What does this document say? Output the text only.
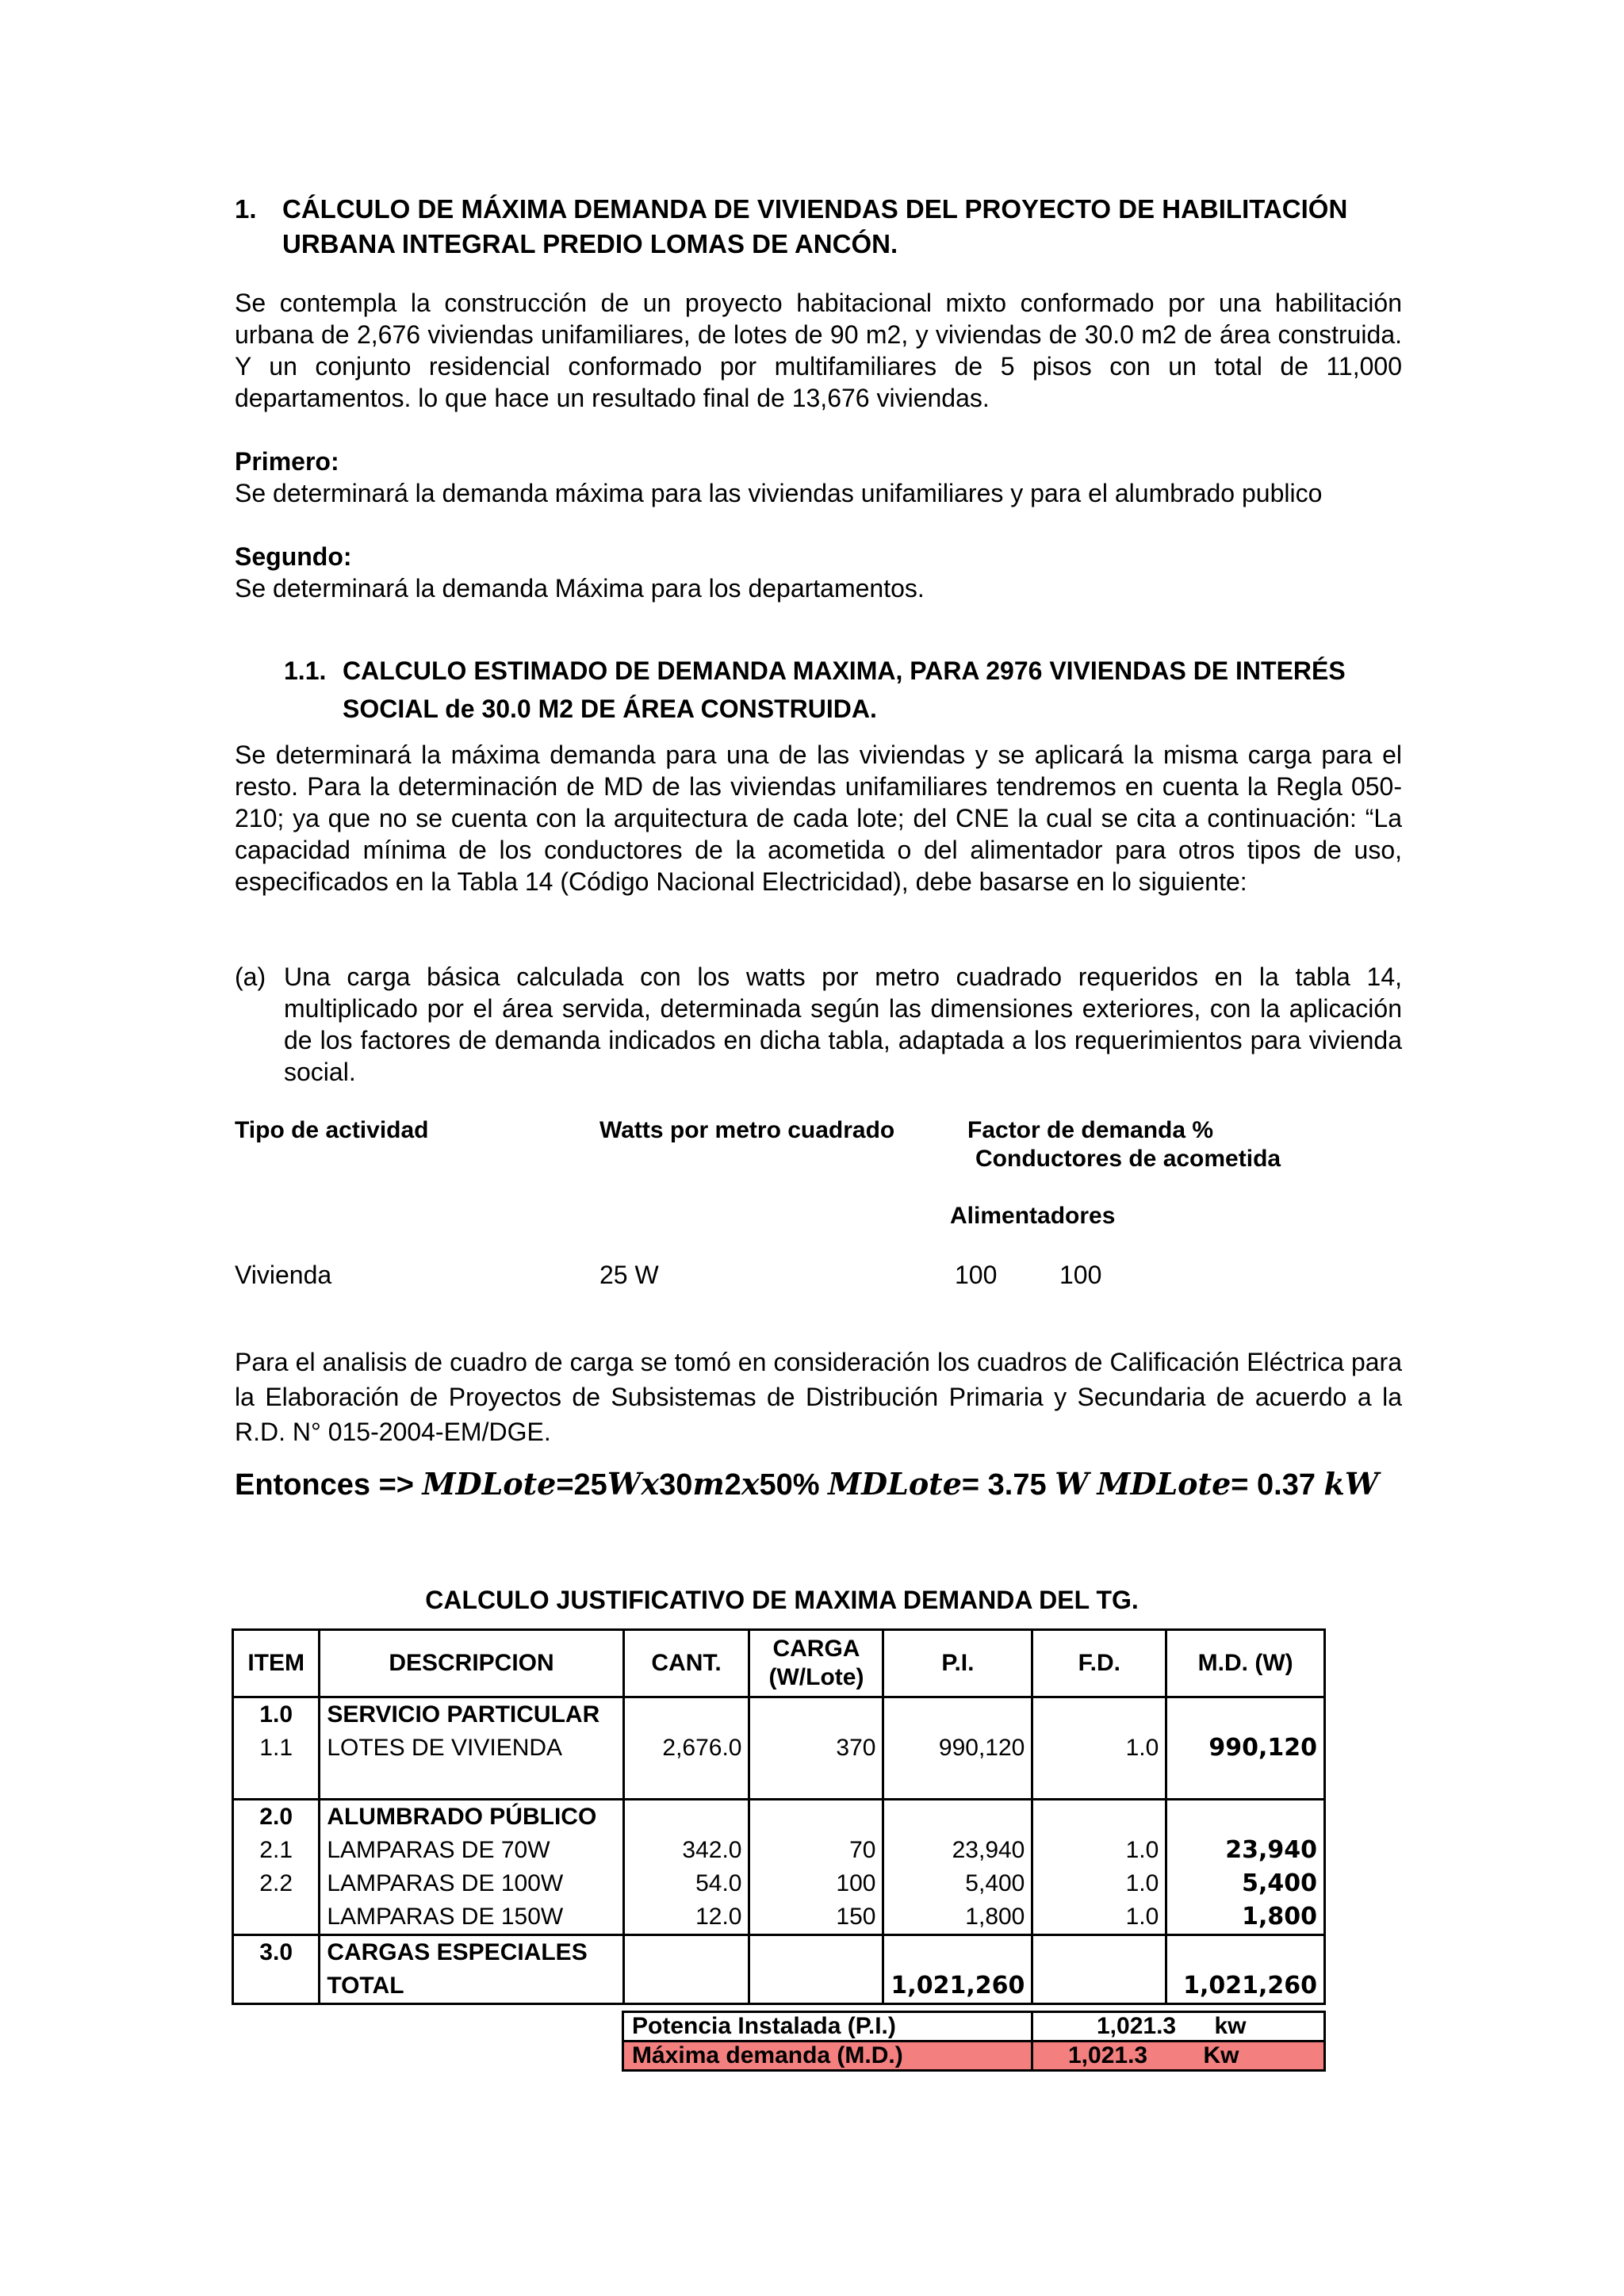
1. CÁLCULO DE MÁXIMA DEMANDA DE VIVIENDAS DEL PROYECTO DE HABILITACIÓN URBANA INTEGRAL PREDIO LOMAS DE ANCÓN.
Se contempla la construcción de un proyecto habitacional mixto conformado por una habilitación urbana de 2,676 viviendas unifamiliares, de lotes de 90 m2, y viviendas de 30.0 m2 de área construida. Y un conjunto residencial conformado por multifamiliares de 5 pisos con un total de 11,000 departamentos. lo que hace un resultado final de 13,676 viviendas.
Primero:
Se determinará la demanda máxima para las viviendas unifamiliares y para el alumbrado publico
Segundo:
Se determinará la demanda Máxima para los departamentos.
1.1. CALCULO ESTIMADO DE DEMANDA MAXIMA, PARA 2976 VIVIENDAS DE INTERÉS SOCIAL de 30.0 M2 DE ÁREA CONSTRUIDA.
Se determinará la máxima demanda para una de las viviendas y se aplicará la misma carga para el resto. Para la determinación de MD de las viviendas unifamiliares tendremos en cuenta la Regla 050-210; ya que no se cuenta con la arquitectura de cada lote; del CNE la cual se cita a continuación: “La capacidad mínima de los conductores de la acometida o del alimentador para otros tipos de uso, especificados en la Tabla 14 (Código Nacional Electricidad), debe basarse en lo siguiente:
(a) Una carga básica calculada con los watts por metro cuadrado requeridos en la tabla 14, multiplicado por el área servida, determinada según las dimensiones exteriores, con la aplicación de los factores de demanda indicados en dicha tabla, adaptada a los requerimientos para vivienda social.
Tipo de actividad	Watts por metro cuadrado	Factor de demanda %
Conductores de acometida
Alimentadores
Vivienda	25 W	100 100
Para el analisis de cuadro de carga se tomó en consideración los cuadros de Calificación Eléctrica para la Elaboración de Proyectos de Subsistemas de Distribución Primaria y Secundaria de acuerdo a la R.D. N° 015-2004-EM/DGE.
Entonces => MDLote=25Wx30m2x50% MDLote= 3.75 W MDLote= 0.37 kW
CALCULO JUSTIFICATIVO DE MAXIMA DEMANDA DEL TG.
ITEM	DESCRIPCION	CANT.	CARGA (W/Lote)	P.I.	F.D.	M.D. (W)
1.0	SERVICIO PARTICULAR					
1.1	LOTES DE VIVIENDA	2,676.0	370	990,120	1.0	990,120

2.0	ALUMBRADO PÚBLICO					
2.1	LAMPARAS DE 70W	342.0	70	23,940	1.0	23,940
2.2	LAMPARAS DE 100W	54.0	100	5,400	1.0	5,400
	LAMPARAS DE 150W	12.0	150	1,800	1.0	1,800
3.0	CARGAS ESPECIALES					
	TOTAL			1,021,260		1,021,260
Potencia Instalada (P.I.)	1,021.3 kw
Máxima demanda (M.D.)	1,021.3 Kw
